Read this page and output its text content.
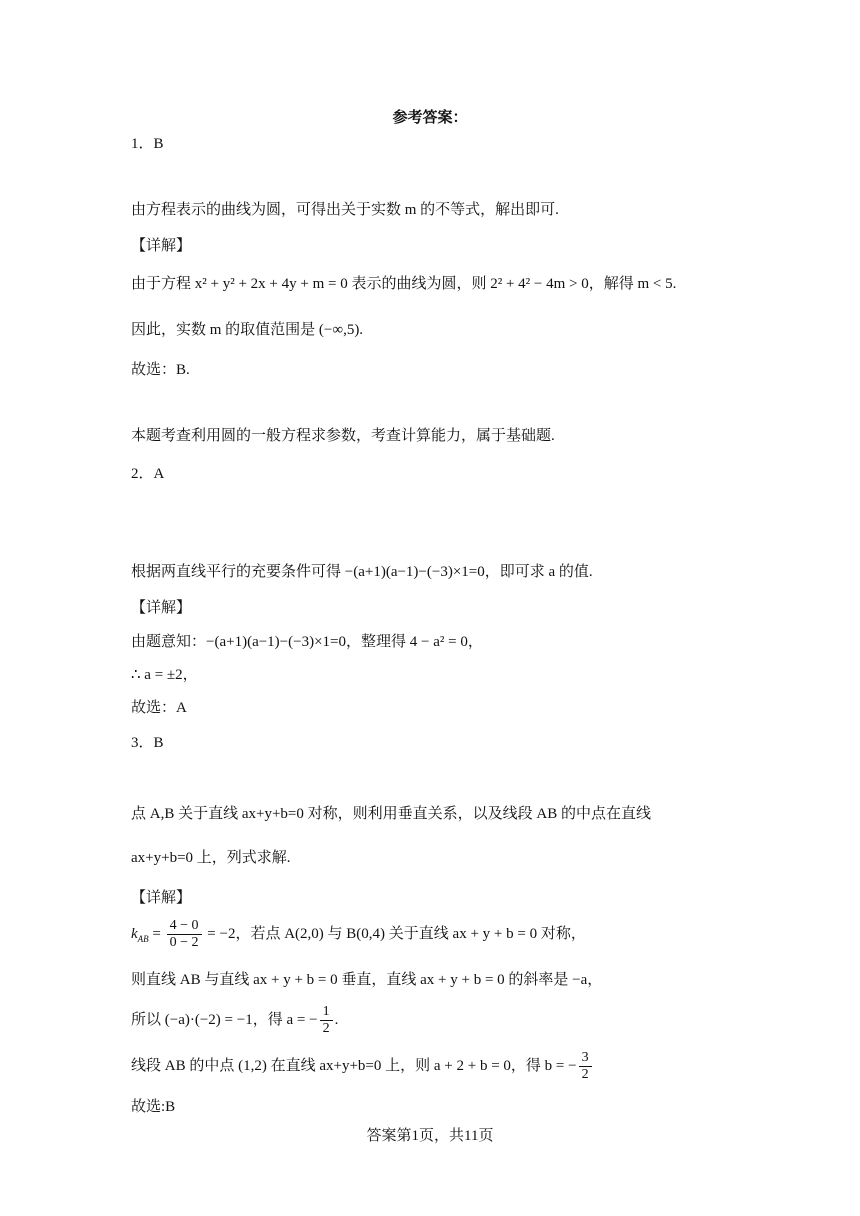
参考答案：
1．B
由方程表示的曲线为圆，可得出关于实数 m 的不等式，解出即可.
【详解】
由于方程 x² + y² + 2x + 4y + m = 0 表示的曲线为圆，则 2² + 4² − 4m > 0，解得 m < 5.
因此，实数 m 的取值范围是 (−∞,5).
故选：B.
本题考查利用圆的一般方程求参数，考查计算能力，属于基础题.
2．A
根据两直线平行的充要条件可得 −(a+1)(a−1)−(−3)×1=0，即可求 a 的值.
【详解】
由题意知：−(a+1)(a−1)−(−3)×1=0，整理得 4 − a² = 0，
∴ a = ±2，
故选：A
3．B
点 A,B 关于直线 ax+y+b=0 对称，则利用垂直关系，以及线段 AB 的中点在直线
ax+y+b=0 上，列式求解.
【详解】
则直线 AB 与直线 ax + y + b = 0 垂直，直线 ax + y + b = 0 的斜率是 −a，
故选:B
$k_{AB} = \frac{4 - 0}{0 - 2} = -2$，若点 A(2,0) 与 B(0,4) 关于直线 ax + y + b = 0 对称，
所以 (−a)·(−2) = −1，得 a = − $\frac{1}{2}$ .
线段 AB 的中点 (1,2) 在直线 ax+y+b=0 上，则 a + 2 + b = 0，得 b = − $\frac{3}{2}$
答案第1页，共11页
